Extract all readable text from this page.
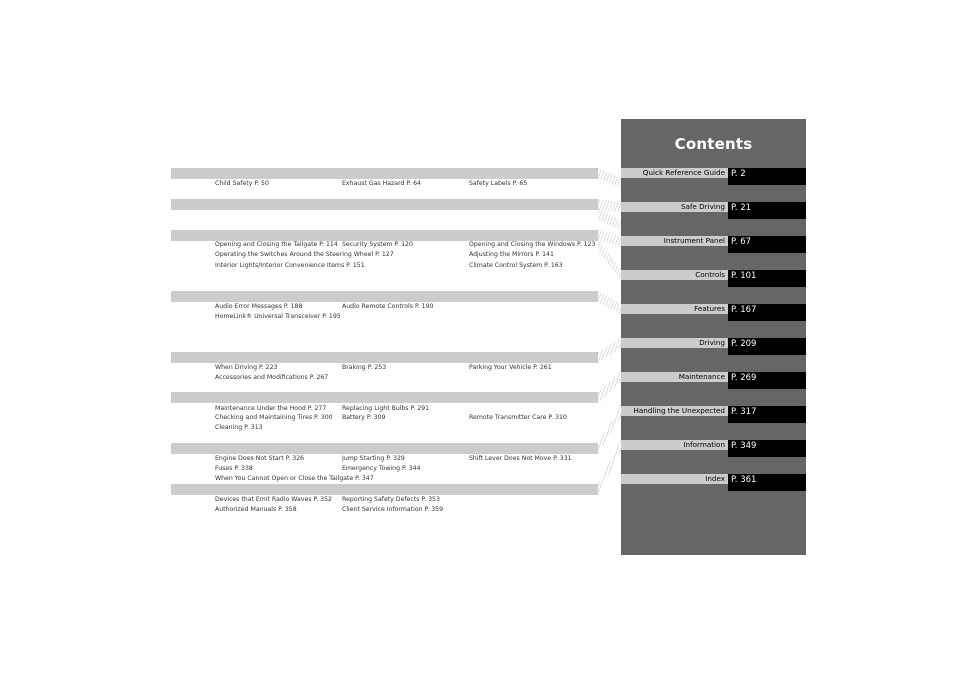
Child Safety P. 50	Exhaust Gas Hazard P. 64	Safety Labels P. 65
Opening and Closing the Tailgate P. 114 Security System P. 120	Opening and Closing the Windows P. 123
Operating the Switches Around the Steering Wheel P. 127	Adjusting the Mirrors P. 141
Interior Lights/Interior Convenience Items P. 151	Climate Control System P. 163
Audio Error Messages P. 188	Audio Remote Controls P. 190
HomeLink® Universal Transceiver P. 195
When Driving P. 223	Braking P. 253	Parking Your Vehicle P. 261
Accessories and Modifications P. 267
Maintenance Under the Hood P. 277	Replacing Light Bulbs P. 291
Checking and Maintaining Tires P. 300 Battery P. 309	Remote Transmitter Care P. 310
Cleaning P. 313
Engine Does Not Start P. 326	Jump Starting P. 329	Shift Lever Does Not Move P. 331
Fuses P. 338	Emergency Towing P. 344
When You Cannot Open or Close the Tailgate P. 347
Devices that Emit Radio Waves P. 352 Reporting Safety Defects P. 353
Authorized Manuals P. 358	Client Service Information P. 359
Contents
Quick Reference Guide P. 2
Safe Driving P. 21
Instrument Panel P. 67
Controls P. 101
Features P. 167
Driving P. 209
Maintenance P. 269
Handling the Unexpected P. 317
Information P. 349
Index P. 361
